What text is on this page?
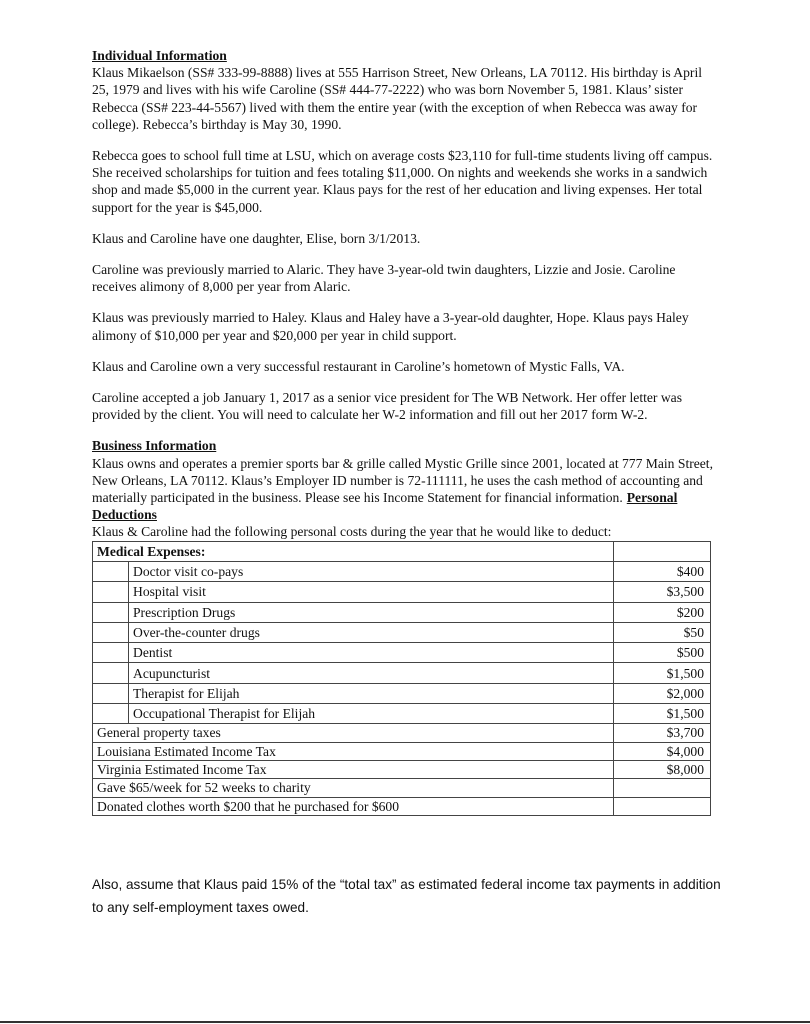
Individual Information

Klaus Mikaelson (SS# 333-99-8888) lives at 555 Harrison Street, New Orleans, LA 70112. His birthday is April 25, 1979 and lives with his wife Caroline (SS# 444-77-2222) who was born November 5, 1981. Klaus’ sister Rebecca (SS# 223-44-5567) lived with them the entire year (with the exception of when Rebecca was away for college). Rebecca’s birthday is May 30, 1990.

Rebecca goes to school full time at LSU, which on average costs $23,110 for full-time students living off campus. She received scholarships for tuition and fees totaling $11,000. On nights and weekends she works in a sandwich shop and made $5,000 in the current year. Klaus pays for the rest of her education and living expenses. Her total support for the year is $45,000.

Klaus and Caroline have one daughter, Elise, born 3/1/2013.

Caroline was previously married to Alaric. They have 3-year-old twin daughters, Lizzie and Josie. Caroline receives alimony of 8,000 per year from Alaric.

Klaus was previously married to Haley. Klaus and Haley have a 3-year-old daughter, Hope. Klaus pays Haley alimony of $10,000 per year and $20,000 per year in child support.

Klaus and Caroline own a very successful restaurant in Caroline’s hometown of Mystic Falls, VA.

Caroline accepted a job January 1, 2017 as a senior vice president for The WB Network. Her offer letter was provided by the client. You will need to calculate her W-2 information and fill out her 2017 form W-2.

Business Information
Klaus owns and operates a premier sports bar & grille called Mystic Grille since 2001, located at 777 Main Street, New Orleans, LA 70112. Klaus’s Employer ID number is 72-111111, he uses the cash method of accounting and materially participated in the business. Please see his Income Statement for financial information. Personal Deductions
Klaus & Caroline had the following personal costs during the year that he would like to deduct:
Medical Expenses:		
	Doctor visit co-pays	$400
	Hospital visit	$3,500
	Prescription Drugs	$200
	Over-the-counter drugs	$50
	Dentist	$500
	Acupuncturist	$1,500
	Therapist for Elijah	$2,000
	Occupational Therapist for Elijah	$1,500
General property taxes		$3,700
Louisiana Estimated Income Tax		$4,000
Virginia Estimated Income Tax		$8,000
Gave $65/week for 52 weeks to charity		
Donated clothes worth $200 that he purchased for $600		
Also, assume that Klaus paid 15% of the “total tax” as estimated federal income tax payments in addition to any self-employment taxes owed.
